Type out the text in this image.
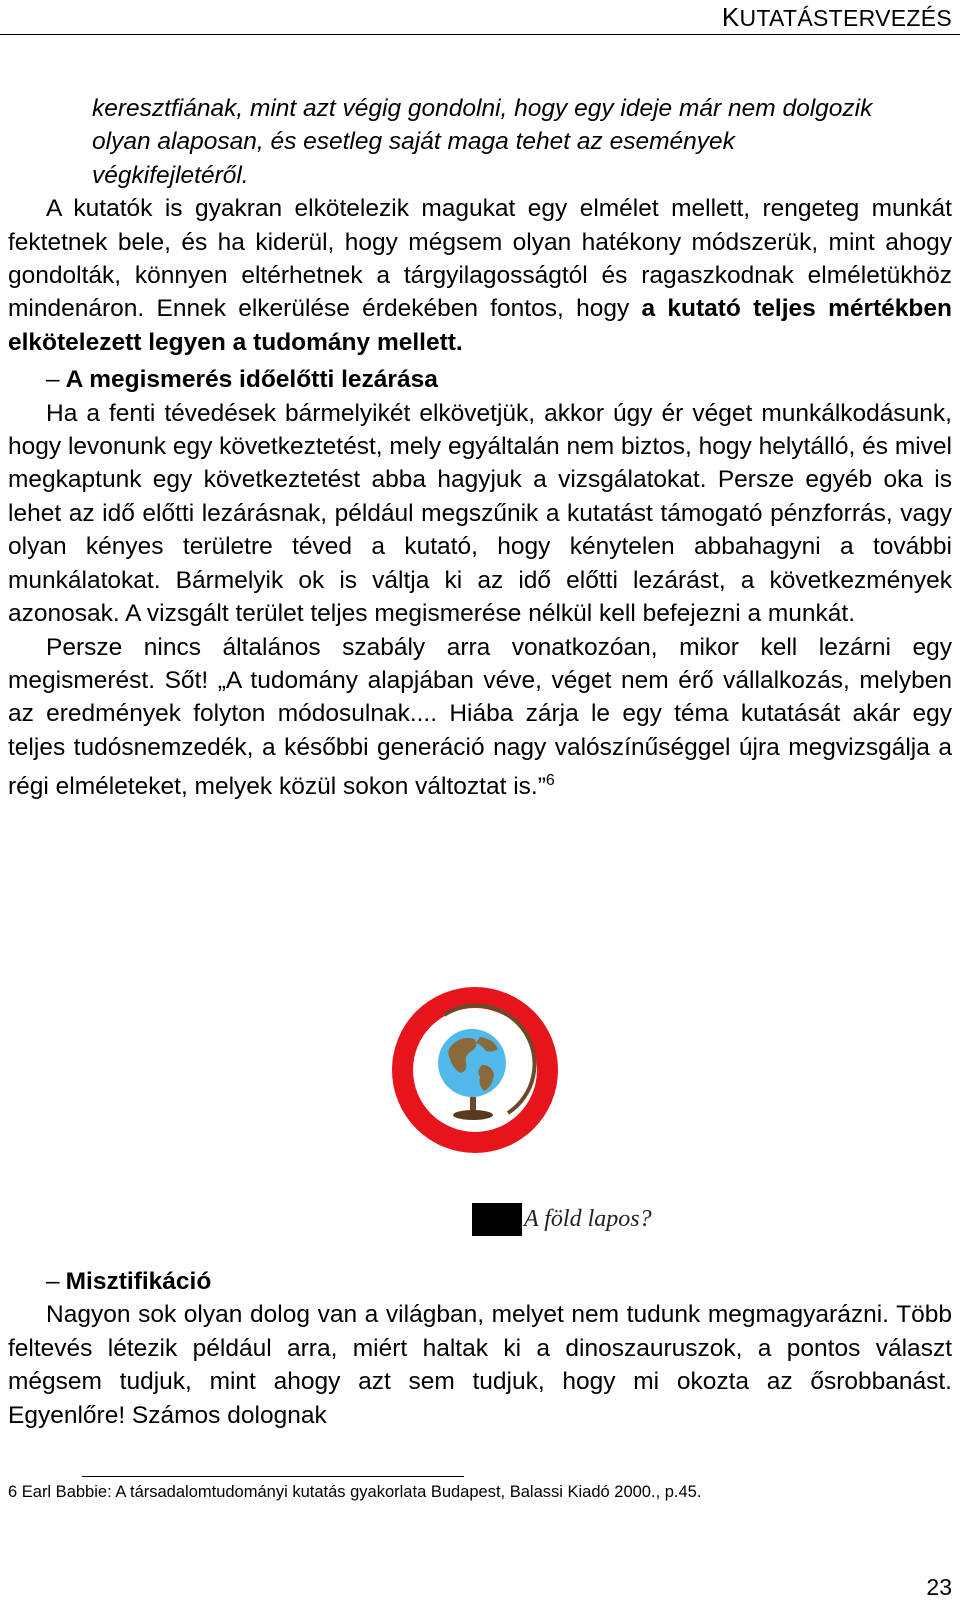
KUTATÁSTERVEZÉS

keresztfiának, mint azt végig gondolni, hogy egy ideje már nem dolgozik olyan alaposan, és esetleg saját maga tehet az események végkifejletéről.

A kutatók is gyakran elkötelezik magukat egy elmélet mellett, rengeteg munkát fektetnek bele, és ha kiderül, hogy mégsem olyan hatékony módszerük, mint ahogy gondolták, könnyen eltérhetnek a tárgyilagosságtól és ragaszkodnak elméletükhöz mindenáron. Ennek elkerülése érdekében fontos, hogy a kutató teljes mértékben elkötelezett legyen a tudomány mellett.

– A megismerés időelőtti lezárása

Ha a fenti tévedések bármelyikét elkövetjük, akkor úgy ér véget munkálkodásunk, hogy levonunk egy következtetést, mely egyáltalán nem biztos, hogy helytálló, és mivel megkaptunk egy következtetést abba hagyjuk a vizsgálatokat. Persze egyéb oka is lehet az idő előtti lezárásnak, például megszűnik a kutatást támogató pénzforrás, vagy olyan kényes területre téved a kutató, hogy kénytelen abbahagyni a további munkálatokat. Bármelyik ok is váltja ki az idő előtti lezárást, a következmények azonosak. A vizsgált terület teljes megismerése nélkül kell befejezni a munkát.

Persze nincs általános szabály arra vonatkozóan, mikor kell lezárni egy megismerést. Sőt! „A tudomány alapjában véve, véget nem érő vállalkozás, melyben az eredmények folyton módosulnak.... Hiába zárja le egy téma kutatását akár egy teljes tudósnemzedék, a későbbi generáció nagy valószínűséggel újra megvizsgálja a régi elméleteket, melyek közül sokon változtat is.”$^6$

A föld lapos?
– Misztifikáció

Nagyon sok olyan dolog van a világban, melyet nem tudunk megmagyarázni. Több feltevés létezik például arra, miért haltak ki a dinoszauruszok, a pontos választ mégsem tudjuk, mint ahogy azt sem tudjuk, hogy mi okozta az ősrobbanást. Egyenlőre! Számos dolognak

6 Earl Babbie: A társadalomtudományi kutatás gyakorlata Budapest, Balassi Kiadó 2000., p.45.
23
